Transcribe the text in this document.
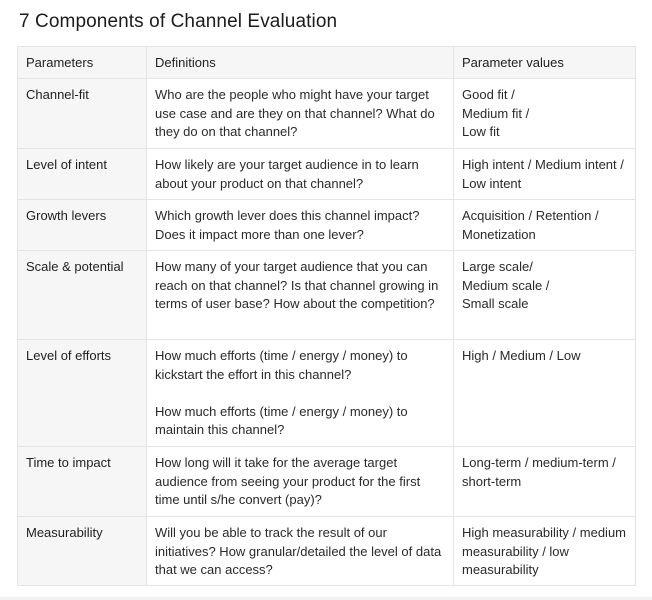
7 Components of Channel Evaluation
Parameters	Definitions	Parameter values
Channel-fit	Who are the people who might have your target use case and are they on that channel? What do they do on that channel?	Good fit /
Medium fit /
Low fit
Level of intent	How likely are your target audience in to learn about your product on that channel?	High intent / Medium intent / Low intent
Growth levers	Which growth lever does this channel impact? Does it impact more than one lever?	Acquisition / Retention / Monetization
Scale & potential	How many of your target audience that you can reach on that channel? Is that channel growing in terms of user base? How about the competition?	Large scale/
Medium scale /
Small scale
Level of efforts	How much efforts (time / energy / money) to kickstart the effort in this channel?
How much efforts (time / energy / money) to maintain this channel?	High / Medium / Low
Time to impact	How long will it take for the average target audience from seeing your product for the first time until s/he convert (pay)?	Long-term / medium-term / short-term
Measurability	Will you be able to track the result of our initiatives? How granular/detailed the level of data that we can access?	High measurability / medium measurability / low measurability
